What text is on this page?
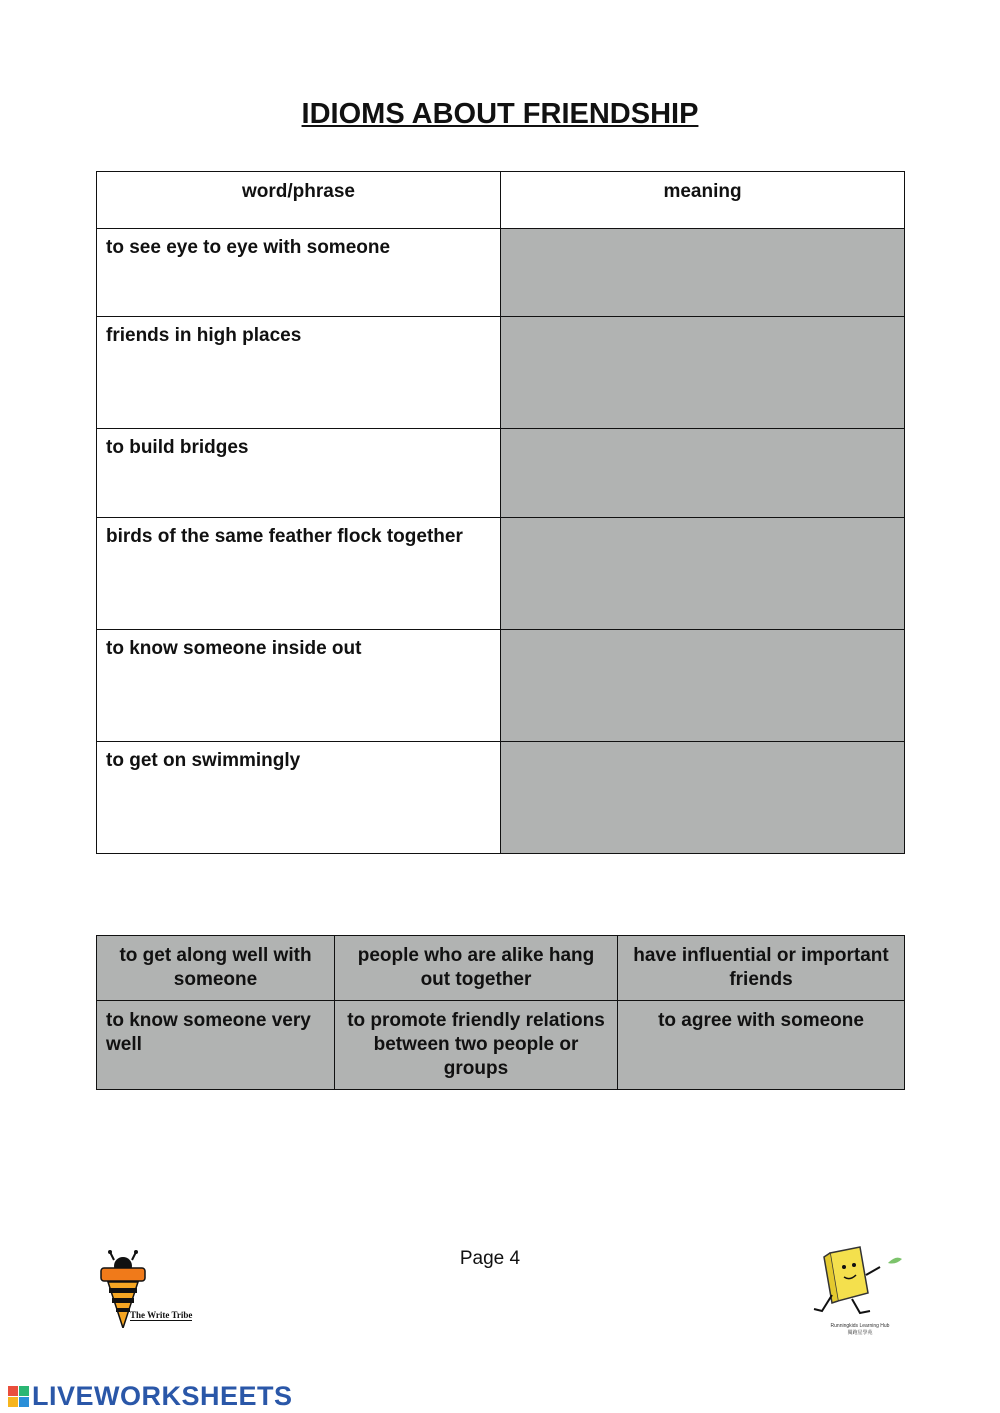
IDIOMS ABOUT FRIENDSHIP
word/phrase	meaning
to see eye to eye with someone	
friends in high places	
to build bridges	
birds of the same feather flock together	
to know someone inside out	
to get on swimmingly	
to get along well with someone	people who are alike hang out together	have influential or important friends
to know someone very well	to promote friendly relations between two people or groups	to agree with someone
Page 4
The Write Tribe
Runningkids Learning Hub
閱跑星學苑
LIVEWORKSHEETS
